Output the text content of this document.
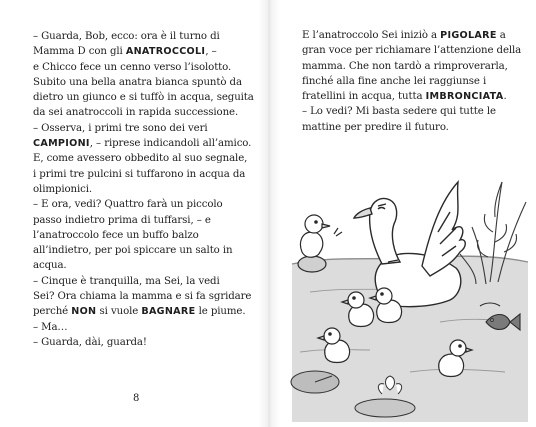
– Guarda, Bob, ecco: ora è il turno di
Mamma D con gli ANATROCCOLI, –
e Chicco fece un cenno verso l’isolotto.
Subito una bella anatra bianca spuntò da
dietro un giunco e si tuffò in acqua, seguita
da sei anatroccoli in rapida successione.
– Osserva, i primi tre sono dei veri
CAMPIONI, – riprese indicandoli all’amico.
E, come avessero obbedito al suo segnale,
i primi tre pulcini si tuffarono in acqua da
olimpionici.
– E ora, vedi? Quattro farà un piccolo
passo indietro prima di tuffarsi, – e
l’anatroccolo fece un buffo balzo
all’indietro, per poi spiccare un salto in
acqua.
– Cinque è tranquilla, ma Sei, la vedi
Sei? Ora chiama la mamma e si fa sgridare
perché NON si vuole BAGNARE le piume.
– Ma…
– Guarda, dài, guarda!
8
E l’anatroccolo Sei iniziò a PIGOLARE a
gran voce per richiamare l’attenzione della
mamma. Che non tardò a rimproverarla,
finché alla fine anche lei raggiunse i
fratellini in acqua, tutta IMBRONCIATA.
– Lo vedi? Mi basta sedere qui tutte le
mattine per predire il futuro.
